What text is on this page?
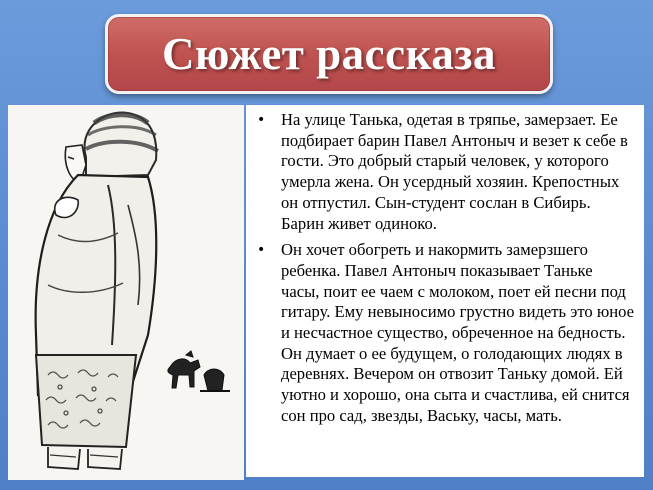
Сюжет рассказа
• На улице Танька, одетая в тряпье, замерзает. Ее подбирает барин Павел Антоныч и везет к себе в гости. Это добрый старый человек, у которого умерла жена. Он усердный хозяин. Крепостных он отпустил. Сын-студент сослан в Сибирь. Барин живет одиноко.
• Он хочет обогреть и накормить замерзшего ребенка. Павел Антоныч показывает Таньке часы, поит ее чаем с молоком, поет ей песни под гитару. Ему невыносимо грустно видеть это юное и несчастное существо, обреченное на бедность. Он думает о ее будущем, о голодающих людях в деревнях. Вечером он отвозит Таньку домой. Ей уютно и хорошо, она сыта и счастлива, ей снится сон про сад, звезды, Ваську, часы, мать.
